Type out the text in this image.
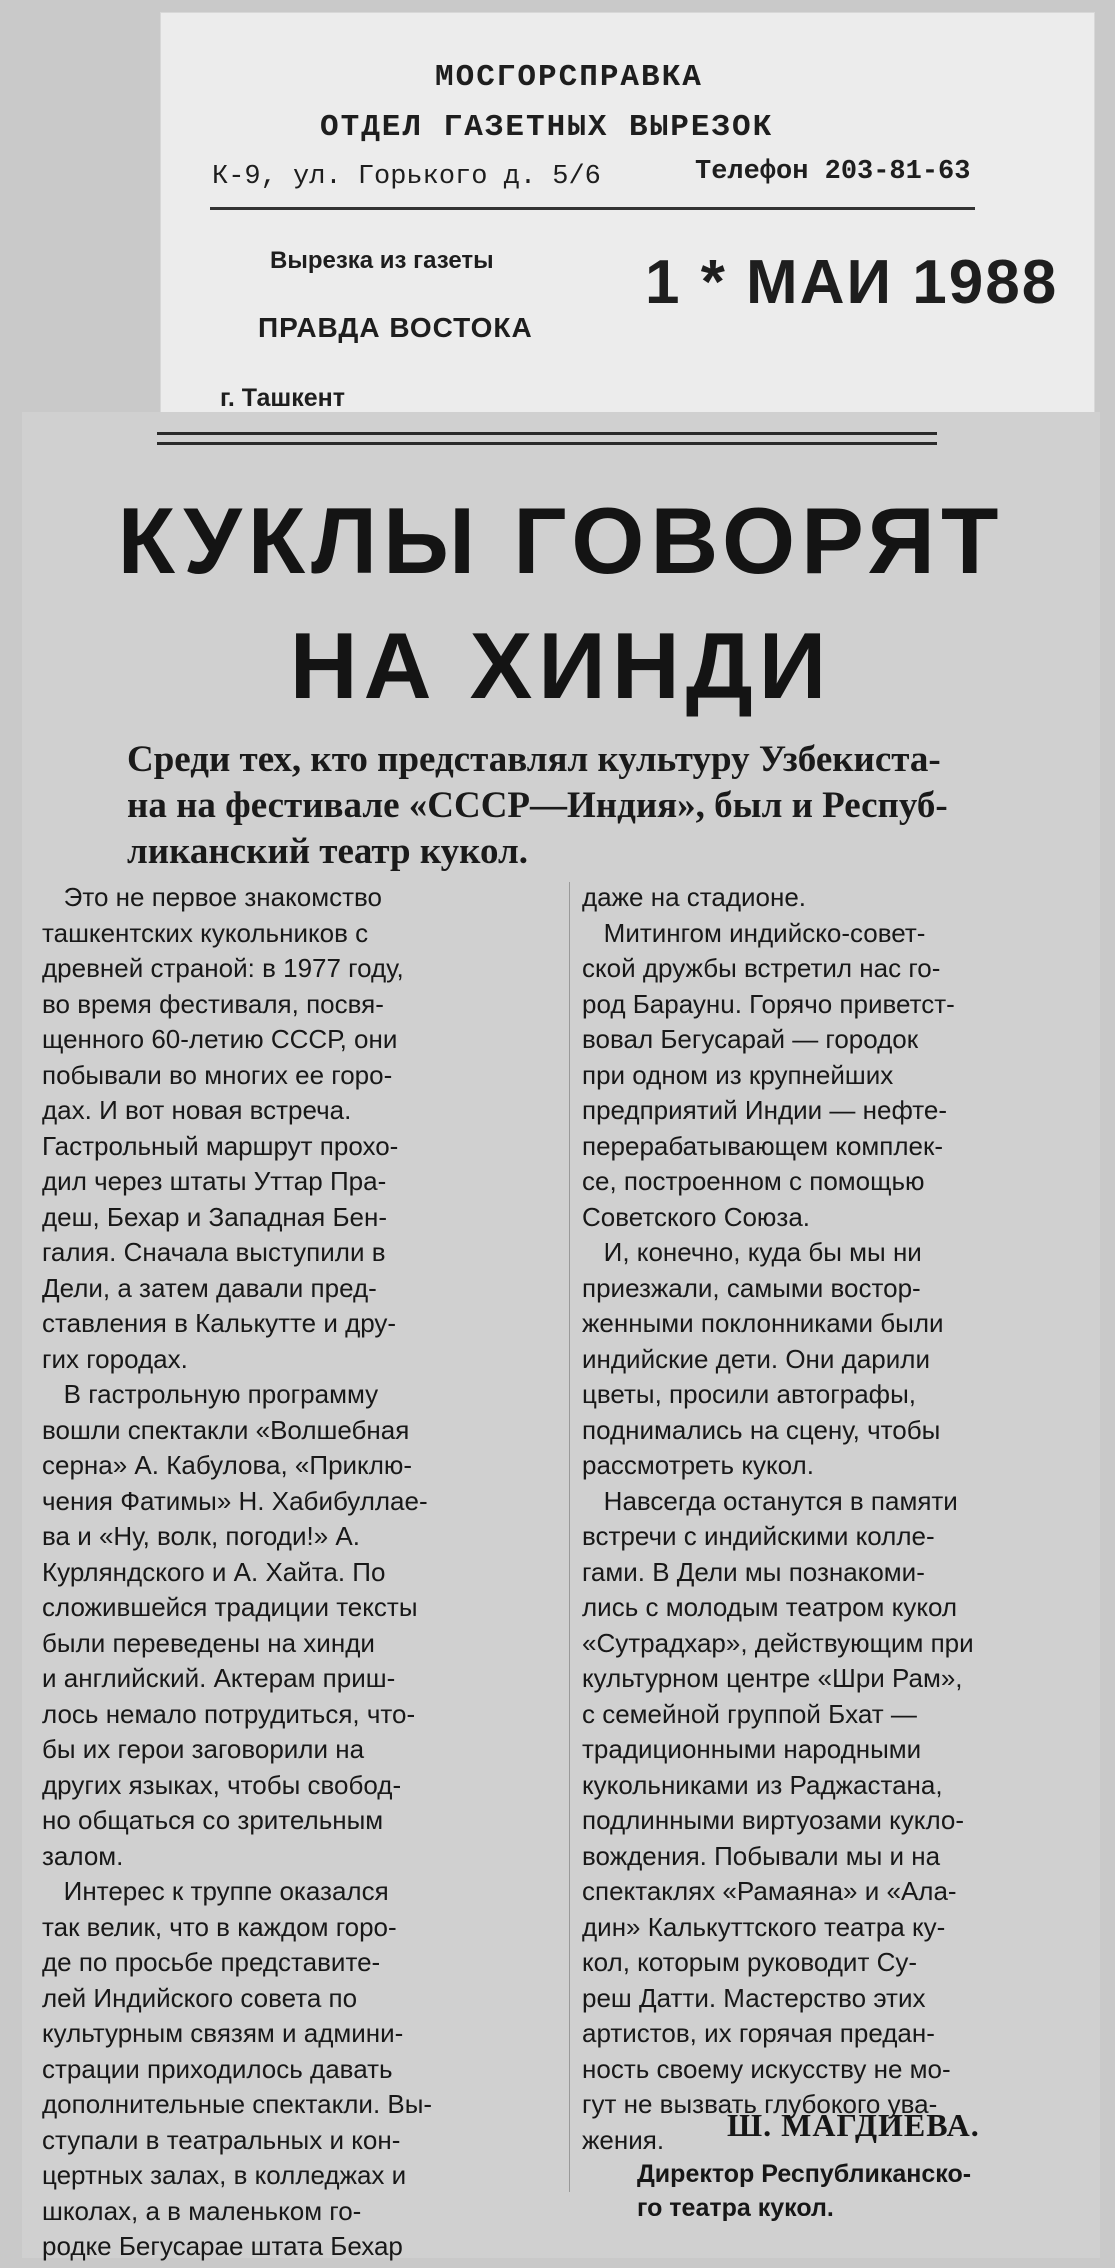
МОСГОРСПРАВКА
ОТДЕЛ ГАЗЕТНЫХ ВЫРЕЗОК
К-9, ул. Горького д. 5/6	Телефон 203-81-63
Вырезка из газеты
ПРАВДА ВОСТОКА
1 * МАИ 1988
г. Ташкент
КУКЛЫ ГОВОРЯТ
НА ХИНДИ
Среди тех, кто представлял культуру Узбекиста-
на на фестивале «СССР—Индия», был и Респуб-
ликанский театр кукол.
Это не первое знакомство
ташкентских кукольников с
древней страной: в 1977 году,
во время фестиваля, посвя-
щенного 60-летию СССР, они
побывали во многих ее горо-
дах. И вот новая встреча.
Гастрольный маршрут прохо-
дил через штаты Уттар Пра-
деш, Бехар и Западная Бен-
галия. Сначала выступили в
Дели, а затем давали пред-
ставления в Калькутте и дру-
гих городах.
В гастрольную программу
вошли спектакли «Волшебная
серна» А. Кабулова, «Приклю-
чения Фатимы» Н. Хабибуллае-
ва и «Ну, волк, погоди!» А.
Курляндского и А. Хайта. По
сложившейся традиции тексты
были переведены на хинди
и английский. Актерам приш-
лось немало потрудиться, что-
бы их герои заговорили на
других языках, чтобы свобод-
но общаться со зрительным
залом.
Интерес к труппе оказался
так велик, что в каждом горо-
де по просьбе представите-
лей Индийского совета по
культурным связям и админи-
страции приходилось давать
дополнительные спектакли. Вы-
ступали в театральных и кон-
цертных залах, в колледжах и
школах, а в маленьком го-
родке Бегусарае штата Бехар
даже на стадионе.
Митингом индийско-совет-
ской дружбы встретил нас го-
род Бараунu. Горячо приветст-
вовал Бегусарай — городок
при одном из крупнейших
предприятий Индии — нефте-
перерабатывающем комплек-
се, построенном с помощью
Советского Союза.
И, конечно, куда бы мы ни
приезжали, самыми востор-
женными поклонниками были
индийские дети. Они дарили
цветы, просили автографы,
поднимались на сцену, чтобы
рассмотреть кукол.
Навсегда останутся в памяти
встречи с индийскими колле-
гами. В Дели мы познакоми-
лись с молодым театром кукол
«Сутрадхар», действующим при
культурном центре «Шри Рам»,
с семейной группой Бхат —
традиционными народными
кукольниками из Раджастана,
подлинными виртуозами кукло-
вождения. Побывали мы и на
спектаклях «Рамаяна» и «Ала-
дин» Калькуттского театра ку-
кол, которым руководит Су-
реш Датти. Мастерство этих
артистов, их горячая предан-
ность своему искусству не мо-
гут не вызвать глубокого ува-
жения.	Ш. МАГДИЕВА.
Директор Республиканско-
го театра кукол.
